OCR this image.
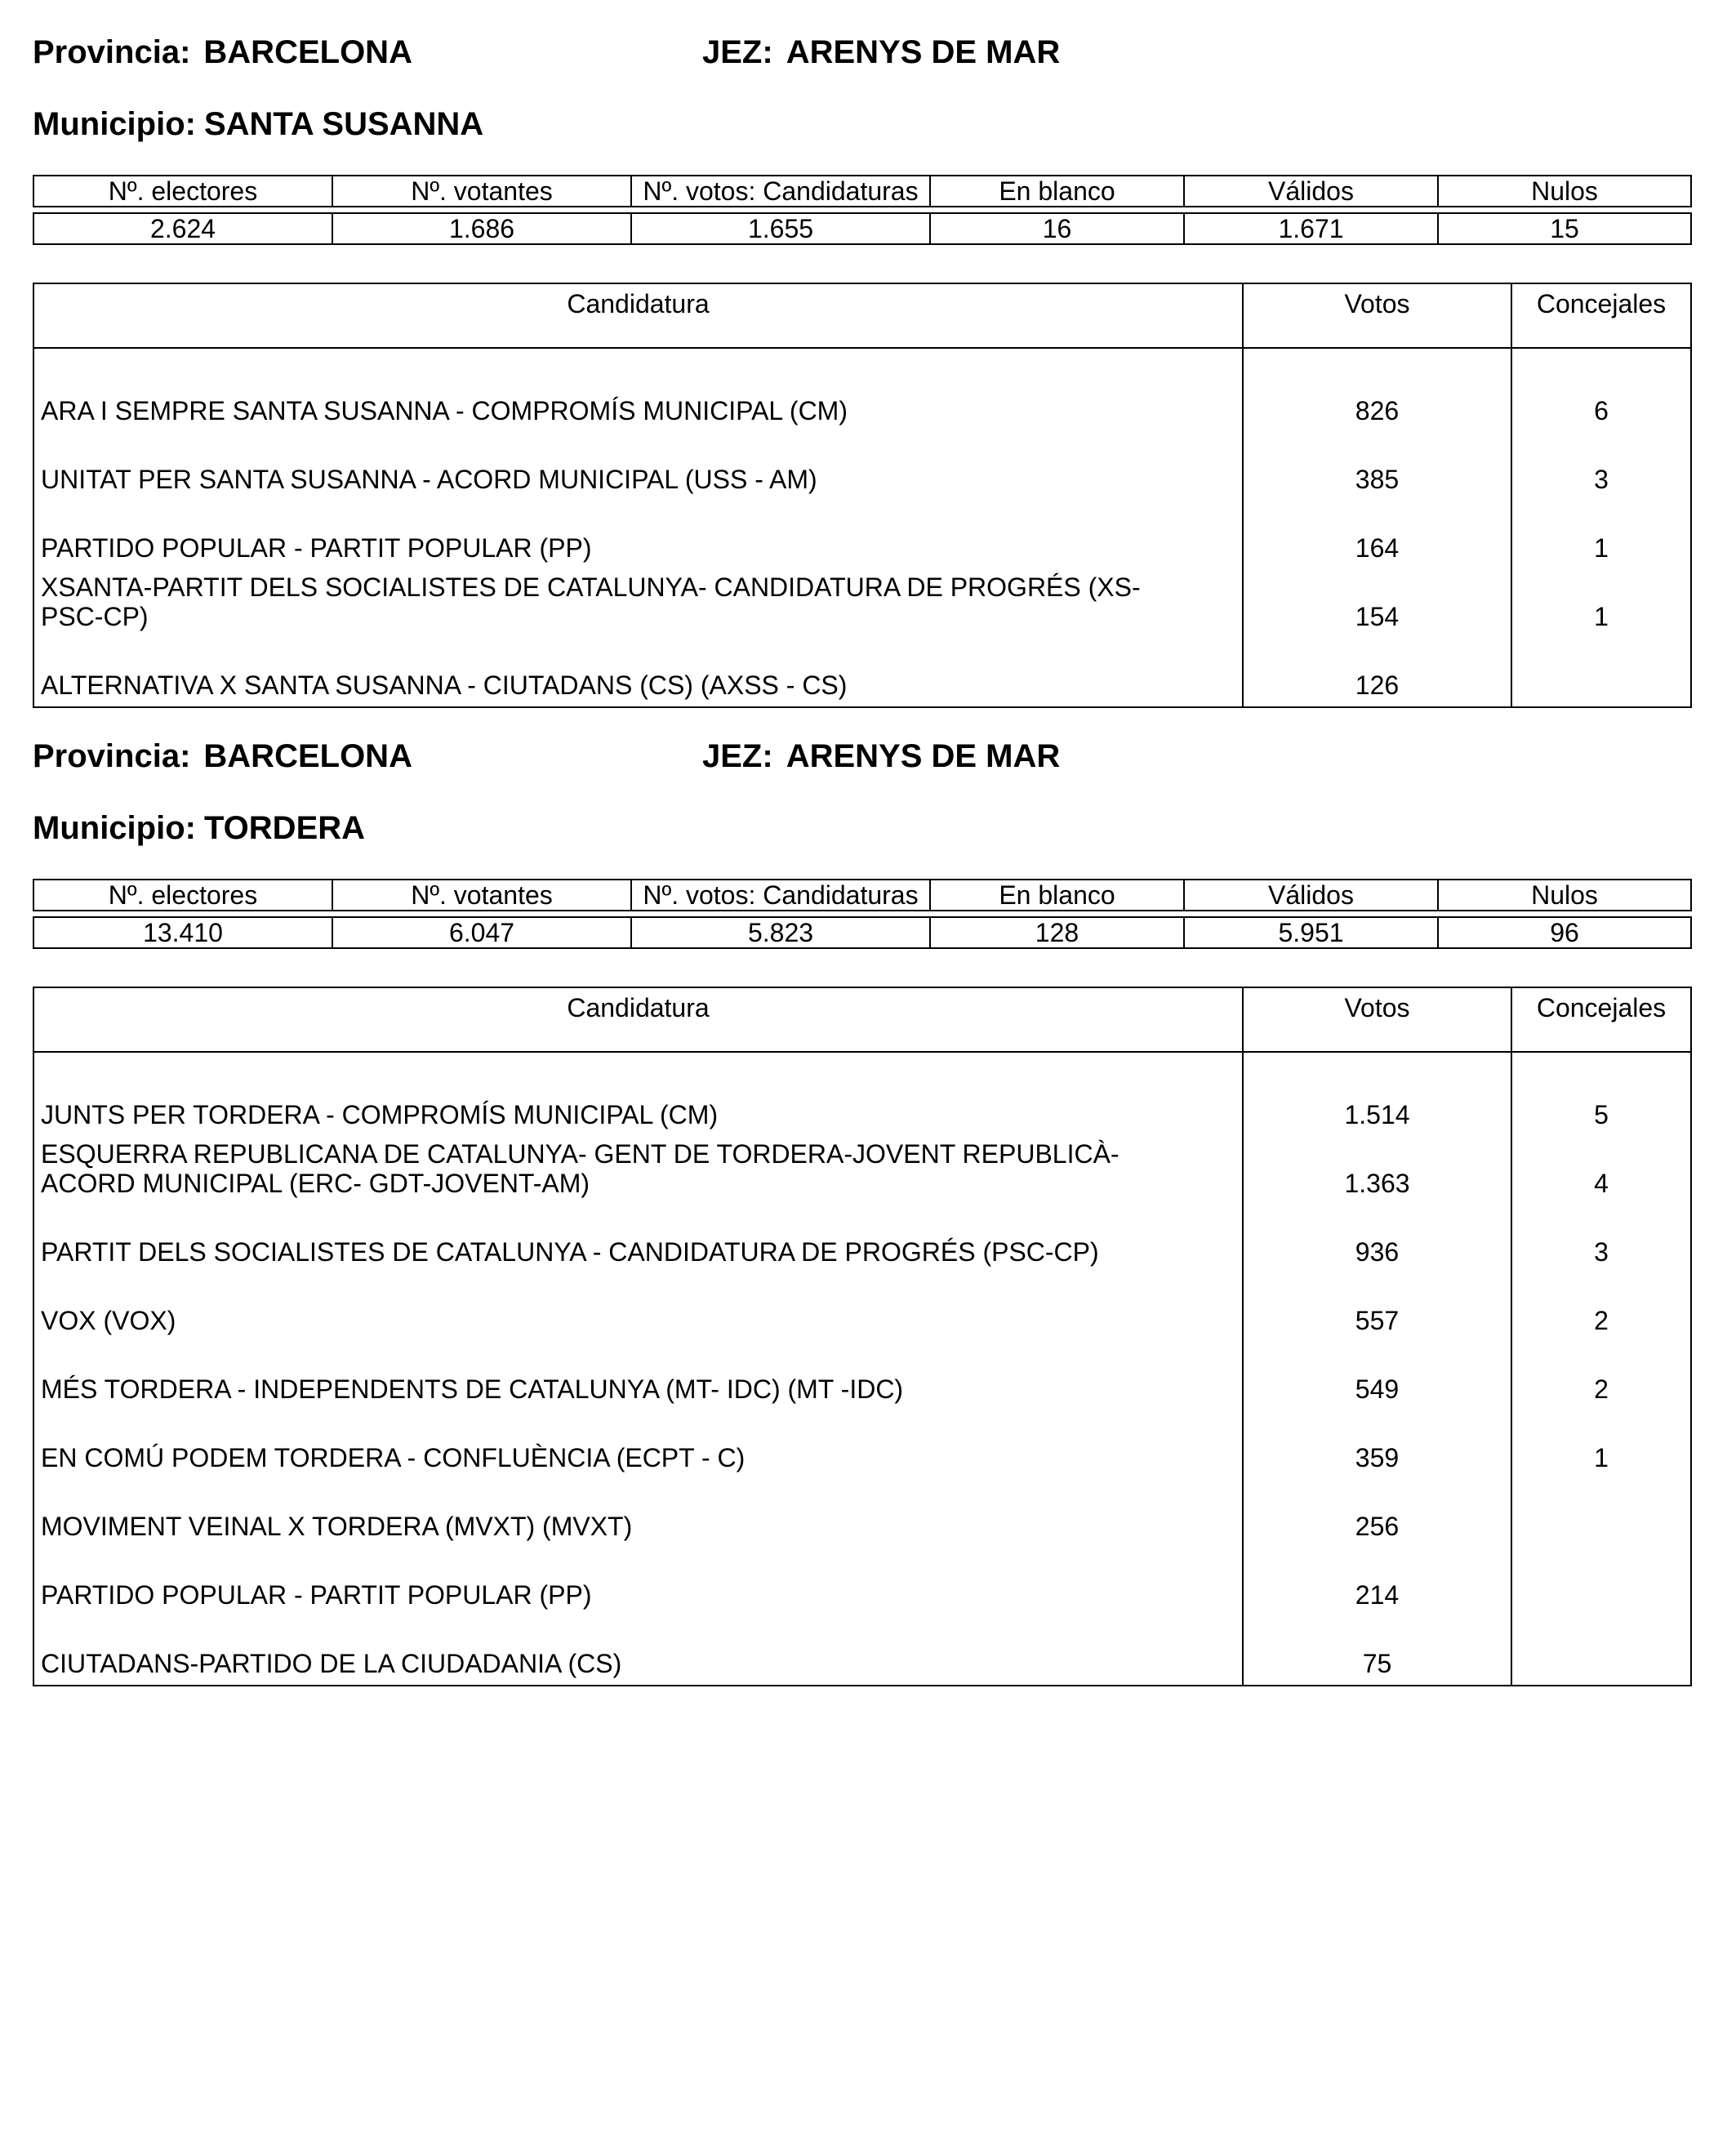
Provincia: BARCELONA	JEZ: ARENYS DE MAR
Municipio: SANTA SUSANNA
Nº. electores	Nº. votantes	Nº. votos: Candidaturas	En blanco	Válidos	Nulos

2.624	1.686	1.655	16	1.671	15
Candidatura	Votos	Concejales

ARA I SEMPRE SANTA SUSANNA - COMPROMÍS MUNICIPAL (CM)	826	6
UNITAT PER SANTA SUSANNA - ACORD MUNICIPAL (USS - AM)	385	3
PARTIDO POPULAR - PARTIT POPULAR (PP)	164	1
XSANTA-PARTIT DELS SOCIALISTES DE CATALUNYA- CANDIDATURA DE PROGRÉS (XS-PSC-CP)	154	1
ALTERNATIVA X SANTA SUSANNA - CIUTADANS (CS) (AXSS - CS)	126	
Provincia: BARCELONA	JEZ: ARENYS DE MAR
Municipio: TORDERA
Nº. electores	Nº. votantes	Nº. votos: Candidaturas	En blanco	Válidos	Nulos

13.410	6.047	5.823	128	5.951	96
Candidatura	Votos	Concejales

JUNTS PER TORDERA - COMPROMÍS MUNICIPAL (CM)	1.514	5
ESQUERRA REPUBLICANA DE CATALUNYA- GENT DE TORDERA-JOVENT REPUBLICÀ-ACORD MUNICIPAL (ERC- GDT-JOVENT-AM)	1.363	4
PARTIT DELS SOCIALISTES DE CATALUNYA - CANDIDATURA DE PROGRÉS (PSC-CP)	936	3
VOX (VOX)	557	2
MÉS TORDERA - INDEPENDENTS DE CATALUNYA (MT- IDC) (MT -IDC)	549	2
EN COMÚ PODEM TORDERA - CONFLUÈNCIA (ECPT - C)	359	1
MOVIMENT VEINAL X TORDERA (MVXT) (MVXT)	256	
PARTIDO POPULAR - PARTIT POPULAR (PP)	214	
CIUTADANS-PARTIDO DE LA CIUDADANIA (CS)	75	
